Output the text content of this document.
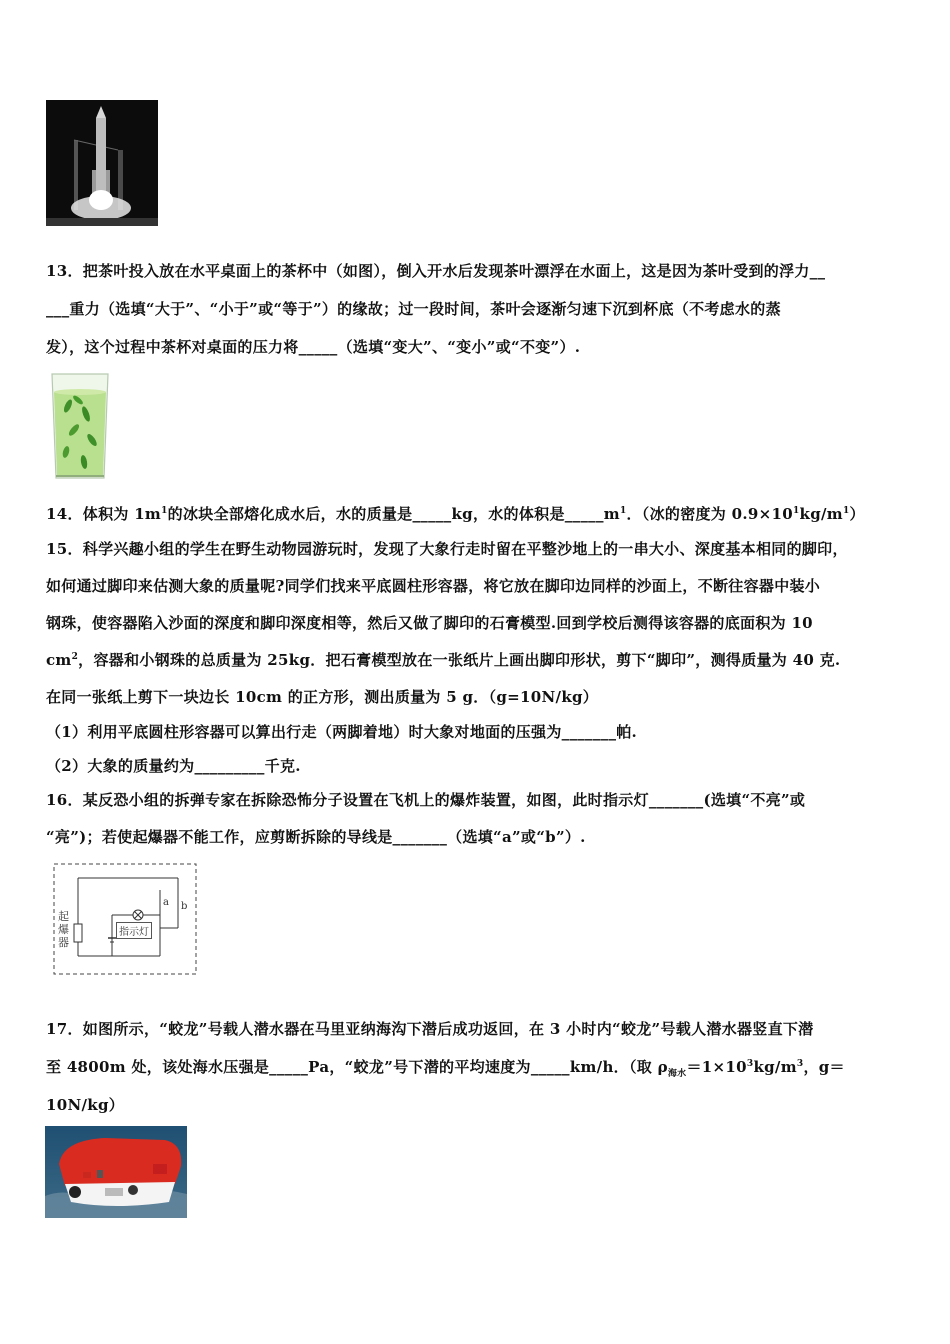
13．把茶叶投入放在水平桌面上的茶杯中（如图），倒入开水后发现茶叶漂浮在水面上，这是因为茶叶受到的浮力__
___重力（选填“大于”、“小于”或“等于”）的缘故；过一段时间，茶叶会逐渐匀速下沉到杯底（不考虑水的蒸
发），这个过程中茶杯对桌面的压力将_____（选填“变大”、“变小”或“不变”）.
14．体积为 $1m^1$的冰块全部熔化成水后，水的质量是_____kg，水的体积是$\_\_\_\_\_m^1$．（冰的密度为 $0.9\times 10^1kg/m^1$）
15．科学兴趣小组的学生在野生动物园游玩时，发现了大象行走时留在平整沙地上的一串大小、深度基本相同的脚印，
如何通过脚印来估测大象的质量呢?同学们找来平底圆柱形容器，将它放在脚印边同样的沙面上，不断往容器中装小
钢珠，使容器陷入沙面的深度和脚印深度相等，然后又做了脚印的石膏模型.回到学校后测得该容器的底面积为 10
$cm^2$，容器和小钢珠的总质量为 25kg．把石膏模型放在一张纸片上画出脚印形状，剪下“脚印”，测得质量为 40 克.
在同一张纸上剪下一块边长 10cm 的正方形，测出质量为 5 g．（g=10N/kg）
（1）利用平底圆柱形容器可以算出行走（两脚着地）时大象对地面的压强为_______帕.
（2）大象的质量约为_________千克.
16．某反恐小组的拆弹专家在拆除恐怖分子设置在飞机上的爆炸装置，如图，此时指示灯_______(选填“不亮”或
“亮”)；若使起爆器不能工作，应剪断拆除的导线是_______（选填“a”或“b”）.
起爆器
指示灯
a b
17．如图所示，“蛟龙”号载人潜水器在马里亚纳海沟下潜后成功返回，在 3 小时内“蛟龙”号载人潜水器竖直下潜
至 4800m 处，该处海水压强是_____Pa，“蛟龙”号下潜的平均速度为_____km/h．（取 $\rho_{海水}=1\times 10^3kg/m^3$，g＝
10N/kg）
